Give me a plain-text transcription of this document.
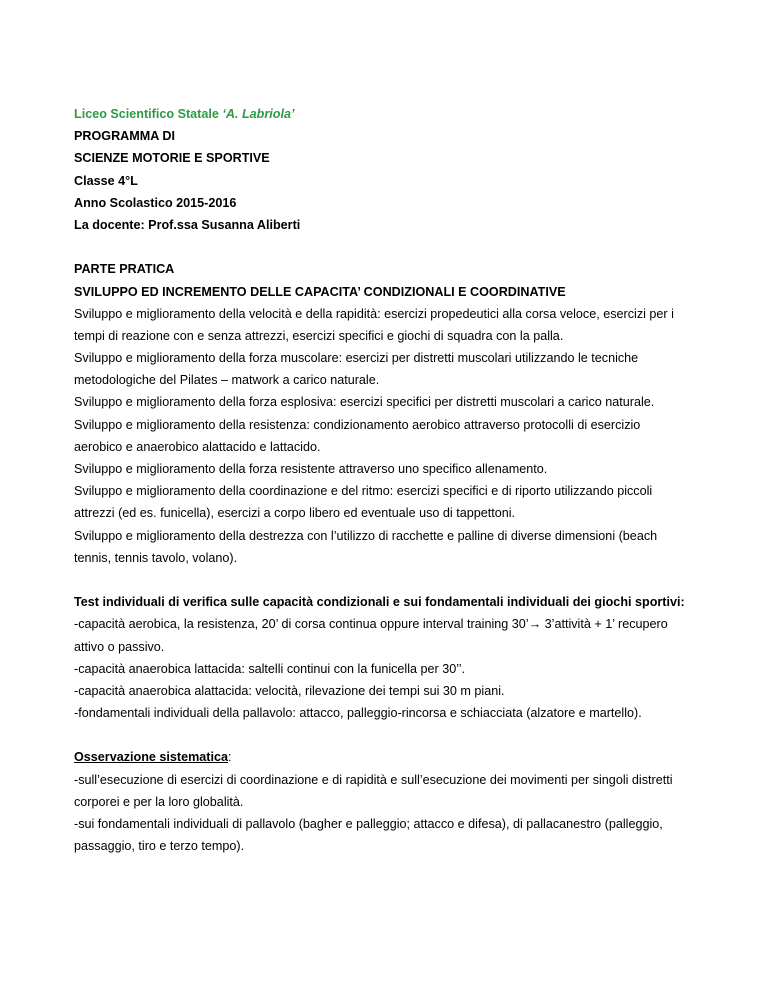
Liceo Scientifico Statale ‘A. Labriola’
PROGRAMMA DI
SCIENZE MOTORIE E SPORTIVE
Classe 4°L
Anno Scolastico 2015-2016
La docente: Prof.ssa Susanna Aliberti
PARTE PRATICA
SVILUPPO ED INCREMENTO DELLE CAPACITA’ CONDIZIONALI E COORDINATIVE
Sviluppo e miglioramento della velocità e della rapidità: esercizi propedeutici alla corsa veloce, esercizi per i
tempi di reazione con e senza attrezzi, esercizi specifici e giochi di squadra con la palla.
Sviluppo e miglioramento della forza muscolare: esercizi per distretti muscolari utilizzando le tecniche
metodologiche del Pilates – matwork a carico naturale.
Sviluppo e miglioramento della forza esplosiva: esercizi specifici per distretti muscolari a carico naturale.
Sviluppo e miglioramento della resistenza: condizionamento aerobico attraverso protocolli di esercizio
aerobico e anaerobico alattacido e lattacido.
Sviluppo e miglioramento della forza resistente attraverso uno specifico allenamento.
Sviluppo e miglioramento della coordinazione e del ritmo: esercizi specifici e di riporto utilizzando piccoli
attrezzi (ed es. funicella), esercizi a corpo libero ed eventuale uso di tappettoni.
Sviluppo e miglioramento della destrezza con l’utilizzo di racchette e palline di diverse dimensioni (beach
tennis, tennis tavolo, volano).
Test individuali di verifica sulle capacità condizionali e sui fondamentali individuali dei giochi sportivi:
-capacità aerobica, la resistenza, 20’ di corsa continua oppure interval training 30’→ 3’attività + 1’ recupero
attivo o passivo.
-capacità anaerobica lattacida: saltelli continui con la funicella per 30’’.
-capacità anaerobica alattacida: velocità, rilevazione dei tempi sui 30 m piani.
-fondamentali individuali della pallavolo: attacco, palleggio-rincorsa e schiacciata (alzatore e martello).
Osservazione sistematica:
-sull’esecuzione di esercizi di coordinazione e di rapidità e sull’esecuzione dei movimenti per singoli distretti
corporei e per la loro globalità.
-sui fondamentali individuali di pallavolo (bagher e palleggio; attacco e difesa), di pallacanestro (palleggio,
passaggio, tiro e terzo tempo).
